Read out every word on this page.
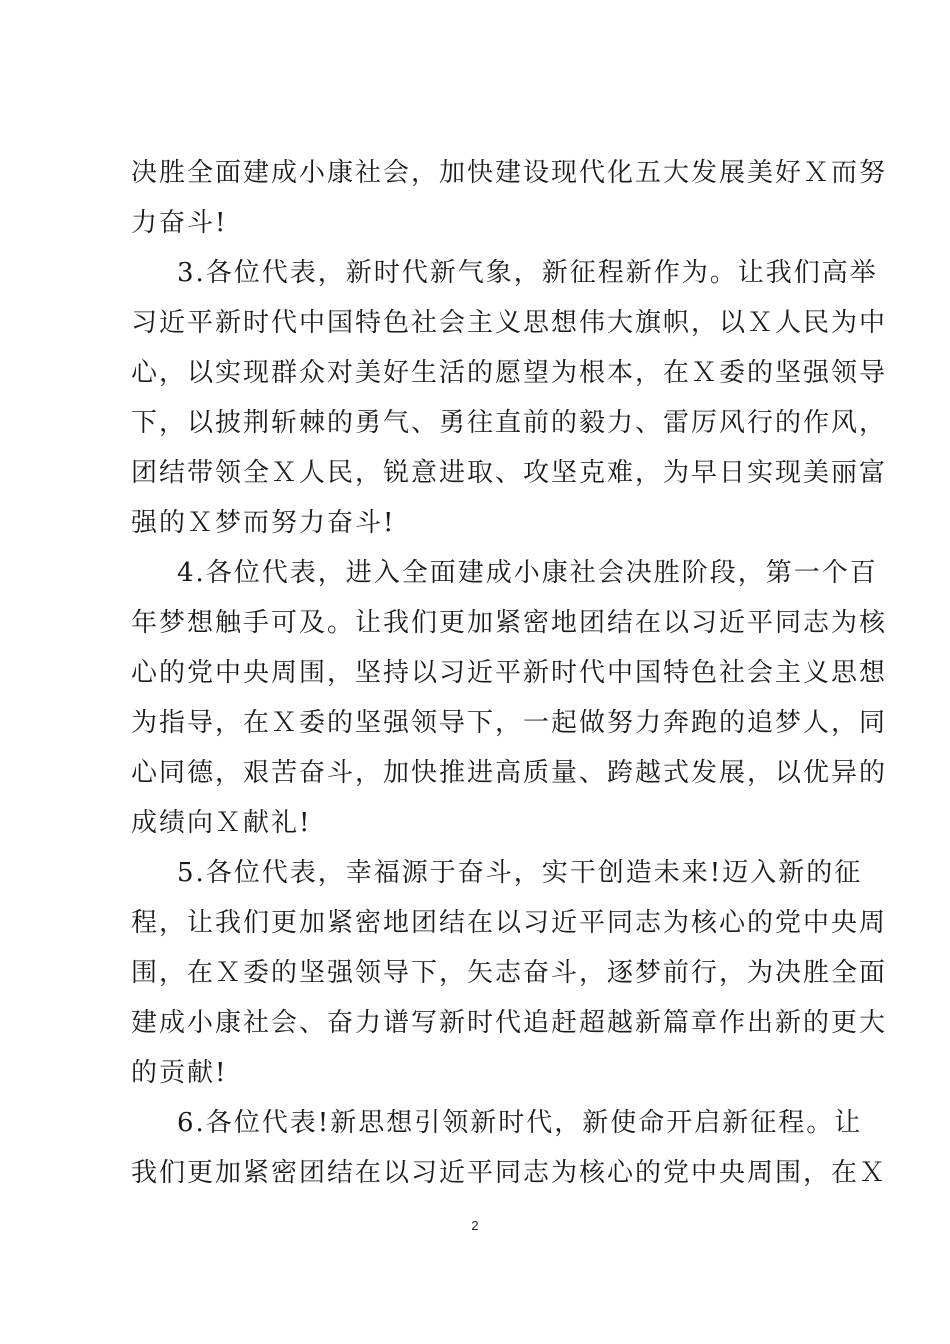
决胜全面建成小康社会，加快建设现代化五大发展美好Ｘ而努
力奋斗!
3.各位代表，新时代新气象，新征程新作为。让我们高举
习近平新时代中国特色社会主义思想伟大旗帜，以Ｘ人民为中
心，以实现群众对美好生活的愿望为根本，在Ｘ委的坚强领导
下，以披荆斩棘的勇气、勇往直前的毅力、雷厉风行的作风，
团结带领全Ｘ人民，锐意进取、攻坚克难，为早日实现美丽富
强的Ｘ梦而努力奋斗!
4.各位代表，进入全面建成小康社会决胜阶段，第一个百
年梦想触手可及。让我们更加紧密地团结在以习近平同志为核
心的党中央周围，坚持以习近平新时代中国特色社会主义思想
为指导，在Ｘ委的坚强领导下，一起做努力奔跑的追梦人，同
心同德，艰苦奋斗，加快推进高质量、跨越式发展，以优异的
成绩向Ｘ献礼!
5.各位代表，幸福源于奋斗，实干创造未来!迈入新的征
程，让我们更加紧密地团结在以习近平同志为核心的党中央周
围，在Ｘ委的坚强领导下，矢志奋斗，逐梦前行，为决胜全面
建成小康社会、奋力谱写新时代追赶超越新篇章作出新的更大
的贡献!
6.各位代表!新思想引领新时代，新使命开启新征程。让
我们更加紧密团结在以习近平同志为核心的党中央周围，在Ｘ
2
